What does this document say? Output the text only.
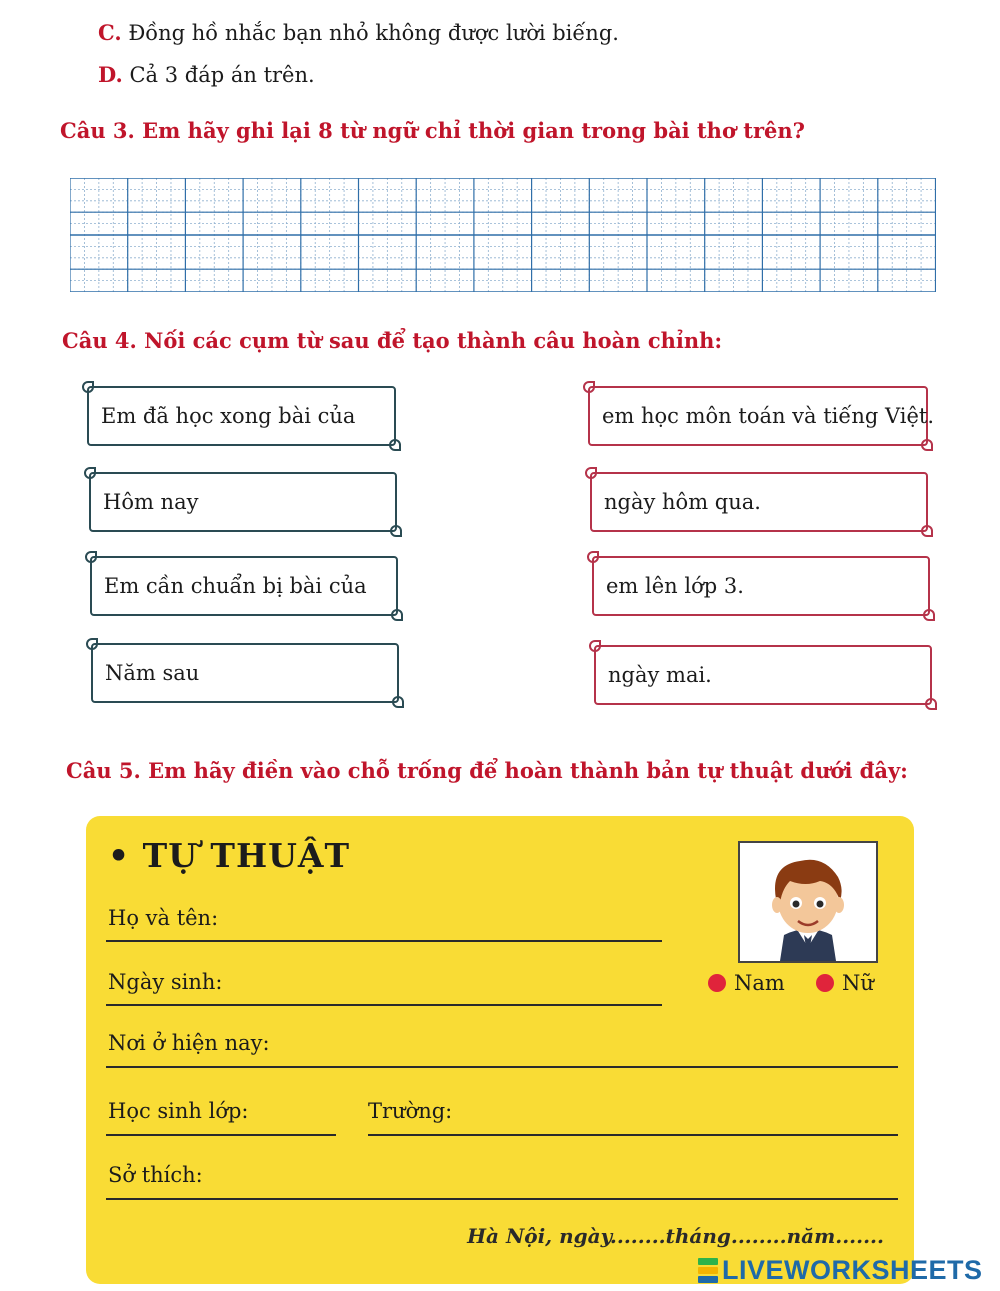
C. Đồng hồ nhắc bạn nhỏ không được lười biếng.
D. Cả 3 đáp án trên.
Câu 3. Em hãy ghi lại 8 từ ngữ chỉ thời gian trong bài thơ trên?
Câu 4. Nối các cụm từ sau để tạo thành câu hoàn chỉnh:
Em đã học xong bài của
Hôm nay
Em cần chuẩn bị bài của
Năm sau
em học môn toán và tiếng Việt.
ngày hôm qua.
em lên lớp 3.
ngày mai.
Câu 5. Em hãy điền vào chỗ trống để hoàn thành bản tự thuật dưới đây:
• TỰ THUẬT
Họ và tên:
Ngày sinh:	Nam	Nữ
Nơi ở hiện nay:
Học sinh lớp:	Trường:
Sở thích:
Hà Nội, ngày........tháng........năm.......
LIVEWORKSHEETS
